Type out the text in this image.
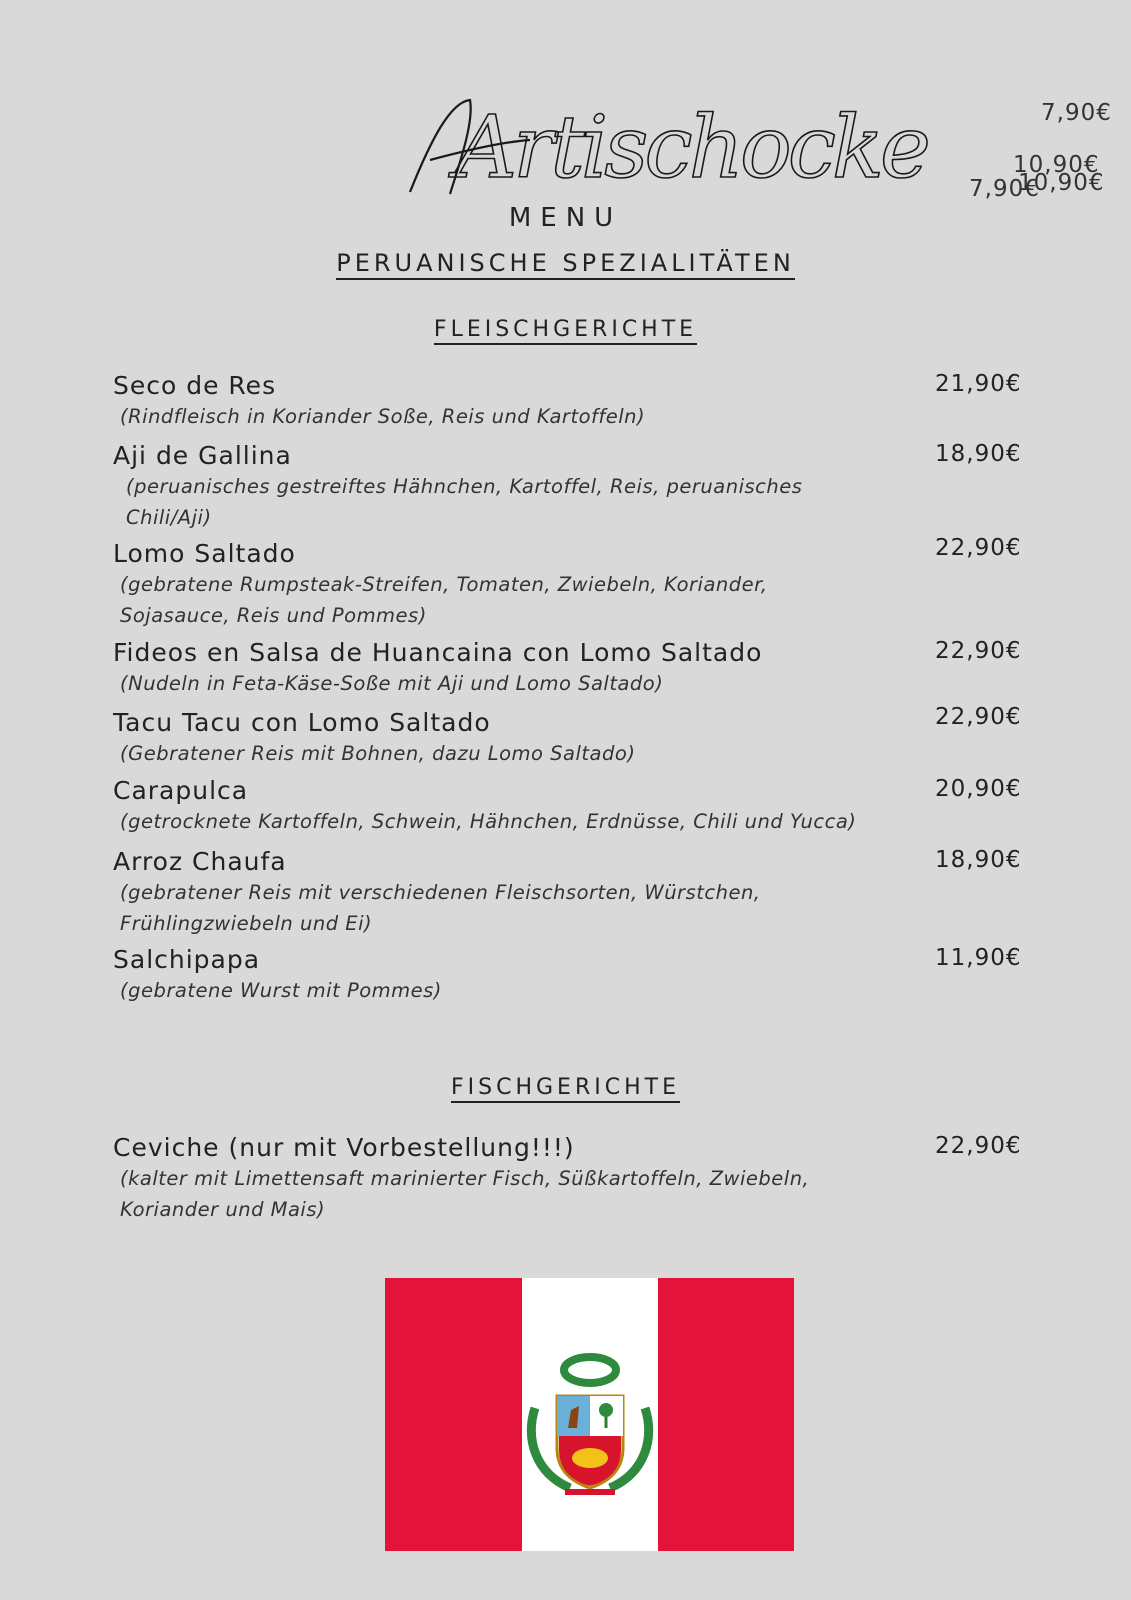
Artischocke	7,90€
10,90€
7,90€
10,90€
MENU
PERUANISCHE SPEZIALITÄTEN
FLEISCHGERICHTE
Seco de Res
(Rindfleisch in Koriander Soße, Reis und Kartoffeln)
21,90€
Aji de Gallina
(peruanisches gestreiftes Hähnchen, Kartoffel, Reis, peruanisches Chili/Aji)
18,90€
Lomo Saltado
(gebratene Rumpsteak-Streifen, Tomaten, Zwiebeln, Koriander, Sojasauce, Reis und Pommes)
22,90€
Fideos en Salsa de Huancaina con Lomo Saltado
(Nudeln in Feta-Käse-Soße mit Aji und Lomo Saltado)
22,90€
Tacu Tacu con Lomo Saltado
(Gebratener Reis mit Bohnen, dazu Lomo Saltado)
22,90€
Carapulca
(getrocknete Kartoffeln, Schwein, Hähnchen, Erdnüsse, Chili und Yucca)
20,90€
Arroz Chaufa
(gebratener Reis mit verschiedenen Fleischsorten, Würstchen, Frühlingzwiebeln und Ei)
18,90€
Salchipapa
(gebratene Wurst mit Pommes)
11,90€
FISCHGERICHTE
Ceviche (nur mit Vorbestellung!!!)
(kalter mit Limettensaft marinierter Fisch, Süßkartoffeln, Zwiebeln, Koriander und Mais)
22,90€
